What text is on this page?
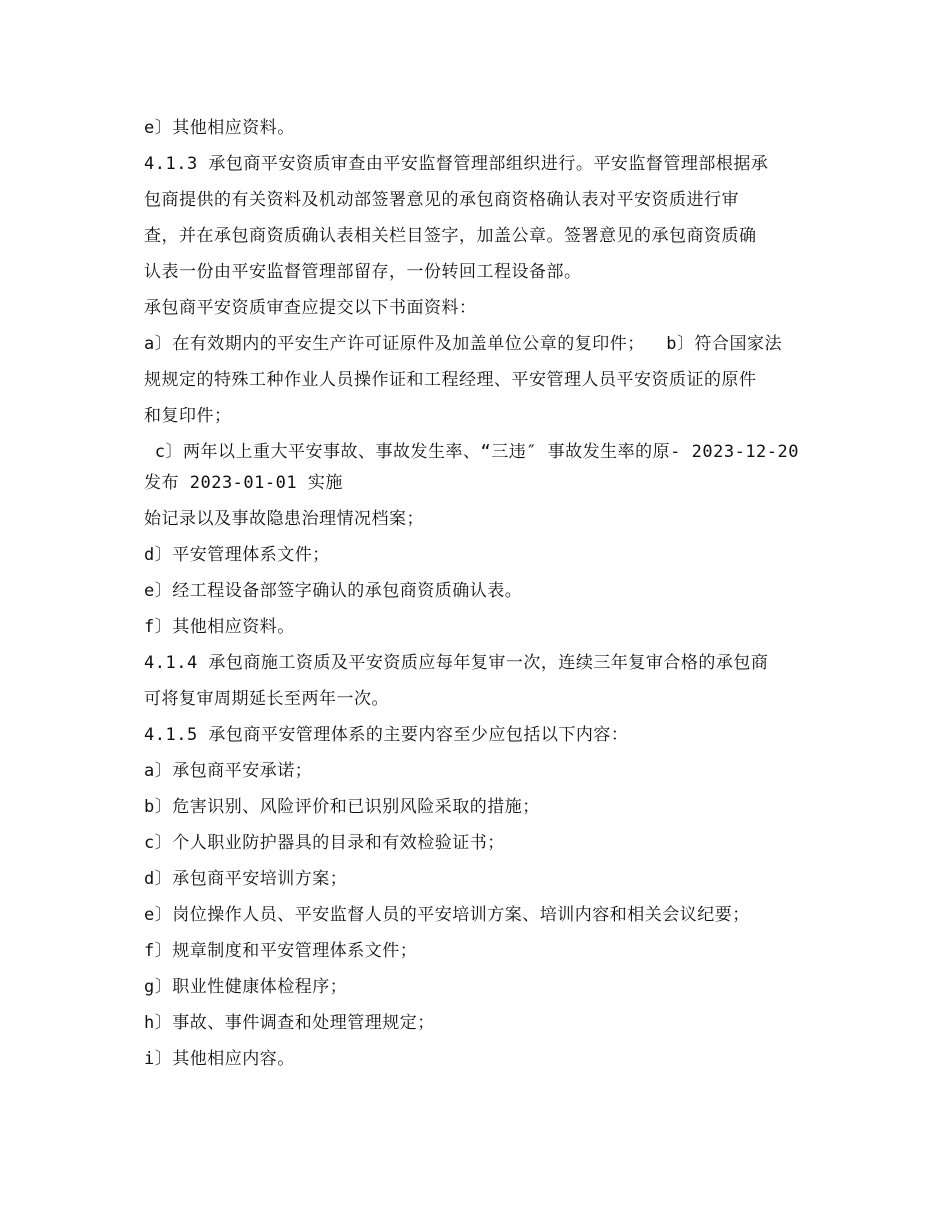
e〕其他相应资料。
4.1.3 承包商平安资质审查由平安监督管理部组织进行。平安监督管理部根据承
包商提供的有关资料及机动部签署意见的承包商资格确认表对平安资质进行审
查，并在承包商资质确认表相关栏目签字，加盖公章。签署意见的承包商资质确
认表一份由平安监督管理部留存，一份转回工程设备部。
承包商平安资质审查应提交以下书面资料：
a〕在有效期内的平安生产许可证原件及加盖单位公章的复印件；  b〕符合国家法
规规定的特殊工种作业人员操作证和工程经理、平安管理人员平安资质证的原件
和复印件；
c〕两年以上重大平安事故、事故发生率、“三违″ 事故发生率的原- 2023-12-20
发布 2023-01-01 实施
始记录以及事故隐患治理情况档案；
d〕平安管理体系文件；
e〕经工程设备部签字确认的承包商资质确认表。
f〕其他相应资料。
4.1.4 承包商施工资质及平安资质应每年复审一次，连续三年复审合格的承包商
可将复审周期延长至两年一次。
4.1.5 承包商平安管理体系的主要内容至少应包括以下内容：
a〕承包商平安承诺；
b〕危害识别、风险评价和已识别风险采取的措施；
c〕个人职业防护器具的目录和有效检验证书；
d〕承包商平安培训方案；
e〕岗位操作人员、平安监督人员的平安培训方案、培训内容和相关会议纪要；
f〕规章制度和平安管理体系文件；
g〕职业性健康体检程序；
h〕事故、事件调查和处理管理规定；
i〕其他相应内容。
